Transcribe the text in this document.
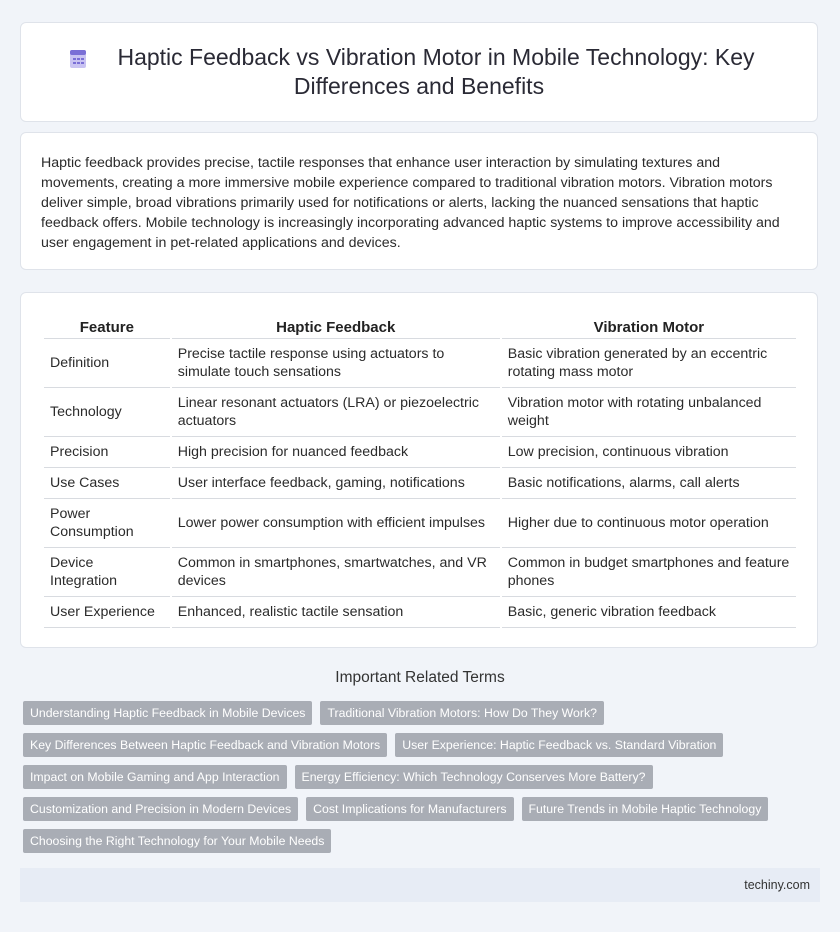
Haptic Feedback vs Vibration Motor in Mobile Technology: Key Differences and Benefits

Haptic feedback provides precise, tactile responses that enhance user interaction by simulating textures and movements, creating a more immersive mobile experience compared to traditional vibration motors. Vibration motors deliver simple, broad vibrations primarily used for notifications or alerts, lacking the nuanced sensations that haptic feedback offers. Mobile technology is increasingly incorporating advanced haptic systems to improve accessibility and user engagement in pet-related applications and devices.

Feature	Haptic Feedback	Vibration Motor
Definition	Precise tactile response using actuators to simulate touch sensations	Basic vibration generated by an eccentric rotating mass motor
Technology	Linear resonant actuators (LRA) or piezoelectric actuators	Vibration motor with rotating unbalanced weight
Precision	High precision for nuanced feedback	Low precision, continuous vibration
Use Cases	User interface feedback, gaming, notifications	Basic notifications, alarms, call alerts
Power Consumption	Lower power consumption with efficient impulses	Higher due to continuous motor operation
Device Integration	Common in smartphones, smartwatches, and VR devices	Common in budget smartphones and feature phones
User Experience	Enhanced, realistic tactile sensation	Basic, generic vibration feedback
Important Related Terms
Understanding Haptic Feedback in Mobile Devices	Traditional Vibration Motors: How Do They Work?
Key Differences Between Haptic Feedback and Vibration Motors	User Experience: Haptic Feedback vs. Standard Vibration
Impact on Mobile Gaming and App Interaction	Energy Efficiency: Which Technology Conserves More Battery?
Customization and Precision in Modern Devices	Cost Implications for Manufacturers	Future Trends in Mobile Haptic Technology
Choosing the Right Technology for Your Mobile Needs
techiny.com
